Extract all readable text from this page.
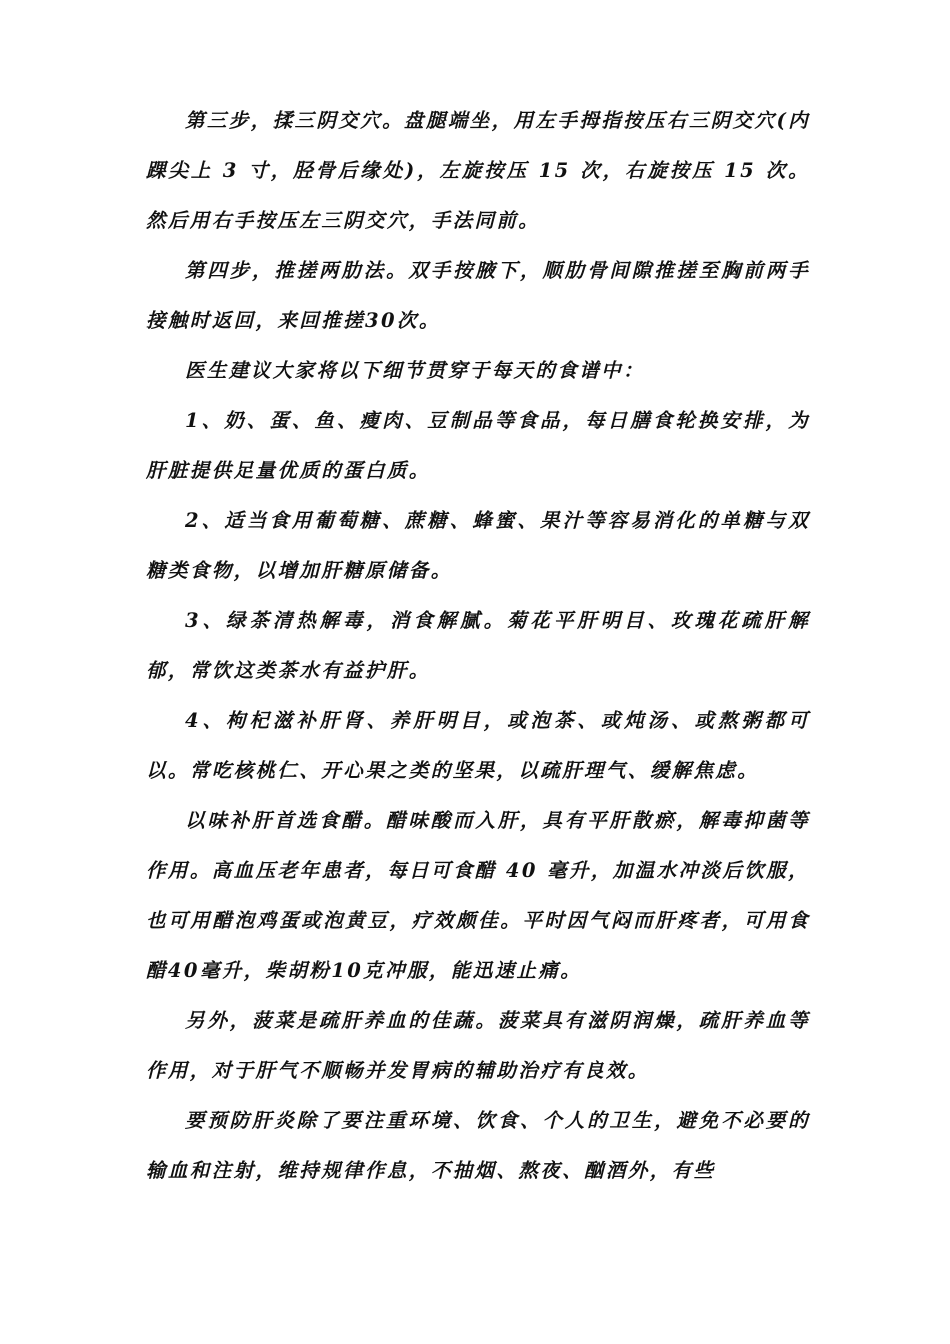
第三步，揉三阴交穴。盘腿端坐，用左手拇指按压右三阴交穴(内踝尖上 3 寸，胫骨后缘处)，左旋按压 15 次，右旋按压 15 次。然后用右手按压左三阴交穴，手法同前。

第四步，推搓两肋法。双手按腋下，顺肋骨间隙推搓至胸前两手接触时返回，来回推搓30次。

医生建议大家将以下细节贯穿于每天的食谱中：

1、奶、蛋、鱼、瘦肉、豆制品等食品，每日膳食轮换安排，为肝脏提供足量优质的蛋白质。

2、适当食用葡萄糖、蔗糖、蜂蜜、果汁等容易消化的单糖与双糖类食物，以增加肝糖原储备。

3、绿茶清热解毒，消食解腻。菊花平肝明目、玫瑰花疏肝解郁，常饮这类茶水有益护肝。

4、枸杞滋补肝肾、养肝明目，或泡茶、或炖汤、或熬粥都可以。常吃核桃仁、开心果之类的坚果，以疏肝理气、缓解焦虑。

以味补肝首选食醋。醋味酸而入肝，具有平肝散瘀，解毒抑菌等作用。高血压老年患者，每日可食醋 40 毫升，加温水冲淡后饮服，也可用醋泡鸡蛋或泡黄豆，疗效颇佳。平时因气闷而肝疼者，可用食醋40毫升，柴胡粉10克冲服，能迅速止痛。

另外，菠菜是疏肝养血的佳蔬。菠菜具有滋阴润燥，疏肝养血等作用，对于肝气不顺畅并发胃病的辅助治疗有良效。

要预防肝炎除了要注重环境、饮食、个人的卫生，避免不必要的输血和注射，维持规律作息，不抽烟、熬夜、酗酒外，有些
